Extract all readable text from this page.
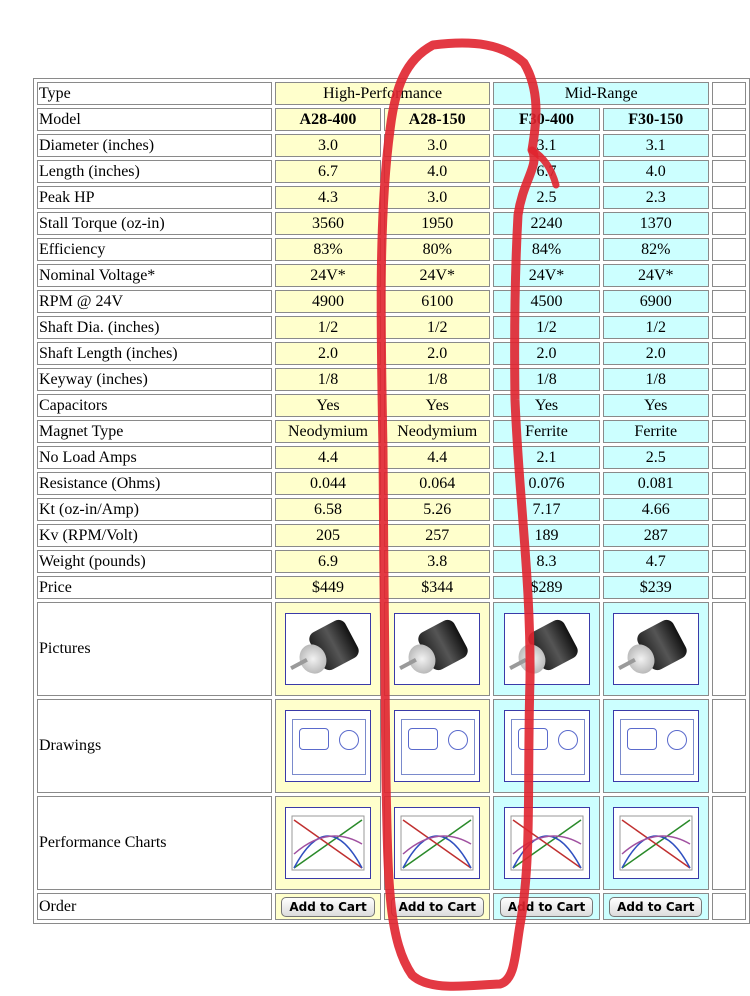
Type	High-Performance		Mid-Range		
Model	A28-400	A28-150	F30-400	F30-150	
Diameter (inches)	3.0	3.0	3.1	3.1	
Length (inches)	6.7	4.0	6.7	4.0	
Peak HP	4.3	3.0	2.5	2.3	
Stall Torque (oz-in)	3560	1950	2240	1370	
Efficiency	83%	80%	84%	82%	
Nominal Voltage*	24V*	24V*	24V*	24V*	
RPM @ 24V	4900	6100	4500	6900	
Shaft Dia. (inches)	1/2	1/2	1/2	1/2	
Shaft Length (inches)	2.0	2.0	2.0	2.0	
Keyway (inches)	1/8	1/8	1/8	1/8	
Capacitors	Yes	Yes	Yes	Yes	
Magnet Type	Neodymium	Neodymium	Ferrite	Ferrite	
No Load Amps	4.4	4.4	2.1	2.5	
Resistance (Ohms)	0.044	0.064	0.076	0.081	
Kt (oz-in/Amp)	6.58	5.26	7.17	4.66	
Kv (RPM/Volt)	205	257	189	287	
Weight (pounds)	6.9	3.8	8.3	4.7	
Price	$449	$344	$289	$239	
Pictures	

Drawings	

Performance Charts	

Order	Add to Cart	Add to Cart	Add to Cart	Add to Cart	
